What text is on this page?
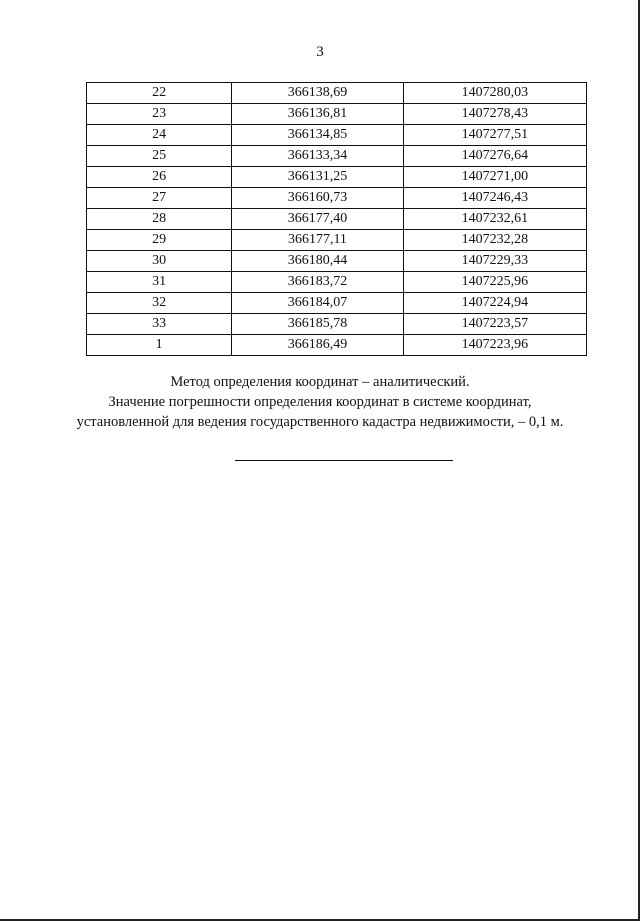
3
22	366138,69	1407280,03
23	366136,81	1407278,43
24	366134,85	1407277,51
25	366133,34	1407276,64
26	366131,25	1407271,00
27	366160,73	1407246,43
28	366177,40	1407232,61
29	366177,11	1407232,28
30	366180,44	1407229,33
31	366183,72	1407225,96
32	366184,07	1407224,94
33	366185,78	1407223,57
1	366186,49	1407223,96

Метод определения координат – аналитический.

Значение погрешности определения координат в системе координат,

установленной для ведения государственного кадастра недвижимости, – 0,1 м.
